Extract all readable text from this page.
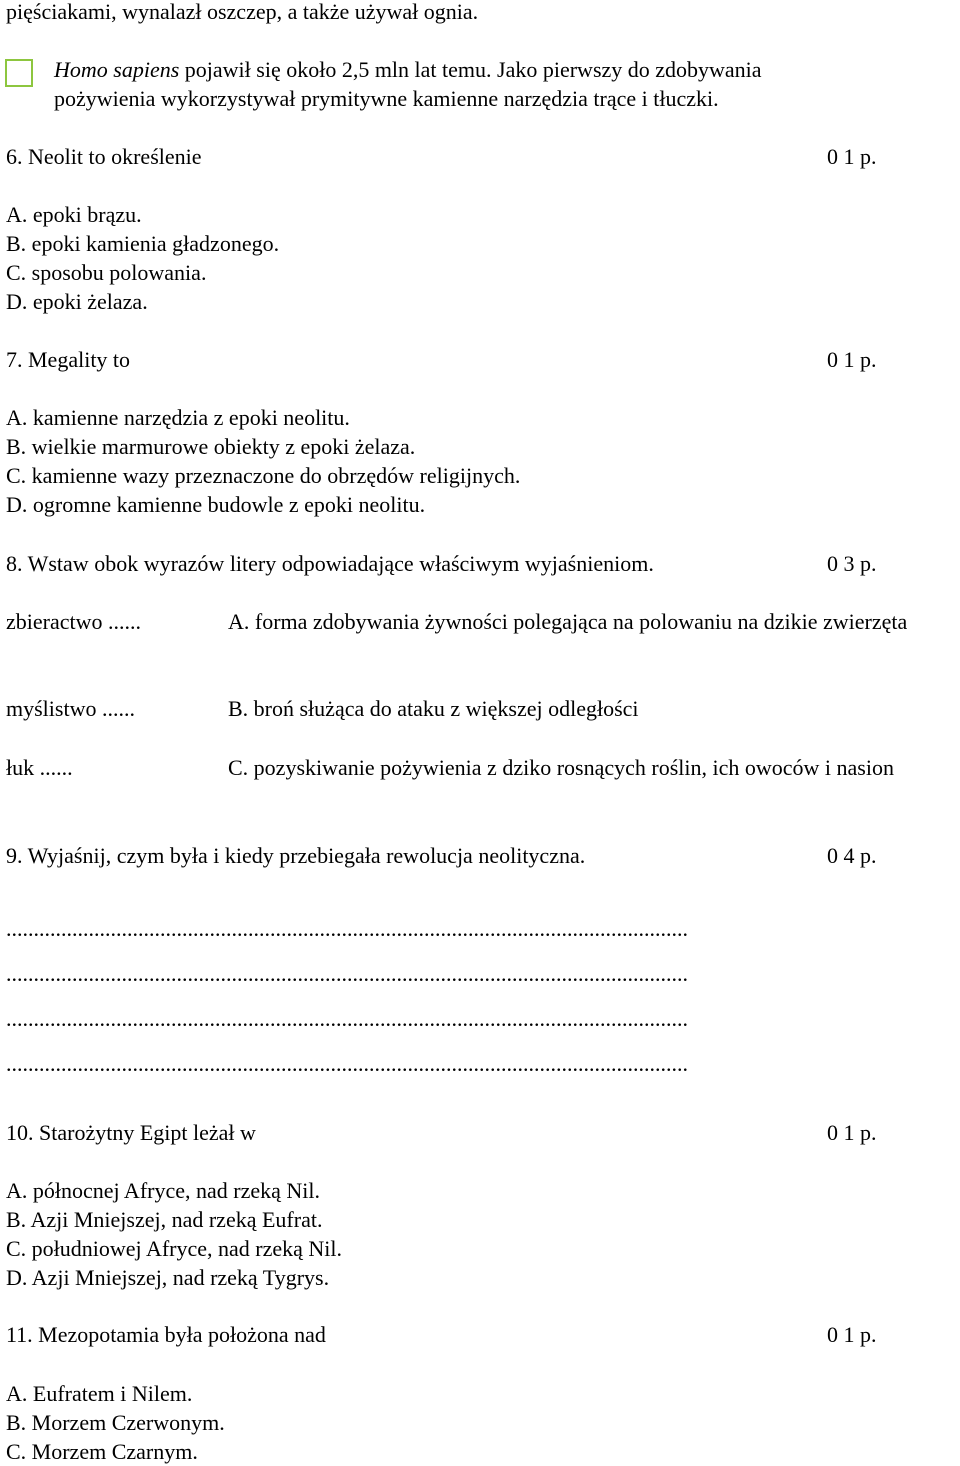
pięściakami, wynalazł oszczep, a także używał ognia.
Homo sapiens pojawił się około 2,5 mln lat temu. Jako pierwszy do zdobywania
pożywienia wykorzystywał prymitywne kamienne narzędzia trące i tłuczki.
6. Neolit to określenie	0 1 p.
A. epoki brązu.
B. epoki kamienia gładzonego.
C. sposobu polowania.
D. epoki żelaza.
7. Megality to	0 1 p.
A. kamienne narzędzia z epoki neolitu.
B. wielkie marmurowe obiekty z epoki żelaza.
C. kamienne wazy przeznaczone do obrzędów religijnych.
D. ogromne kamienne budowle z epoki neolitu.
8. Wstaw obok wyrazów litery odpowiadające właściwym wyjaśnieniom.	0 3 p.
zbieractwo ......	A. forma zdobywania żywności polegająca na polowaniu na dzikie zwierzęta
myślistwo ......	B. broń służąca do ataku z większej odległości
łuk ......	C. pozyskiwanie pożywienia z dziko rosnących roślin, ich owoców i nasion
9. Wyjaśnij, czym była i kiedy przebiegała rewolucja neolityczna.	0 4 p.
............................................................................................................................
............................................................................................................................
............................................................................................................................
............................................................................................................................
10. Starożytny Egipt leżał w	0 1 p.
A. północnej Afryce, nad rzeką Nil.
B. Azji Mniejszej, nad rzeką Eufrat.
C. południowej Afryce, nad rzeką Nil.
D. Azji Mniejszej, nad rzeką Tygrys.
11. Mezopotamia była położona nad	0 1 p.
A. Eufratem i Nilem.
B. Morzem Czerwonym.
C. Morzem Czarnym.
